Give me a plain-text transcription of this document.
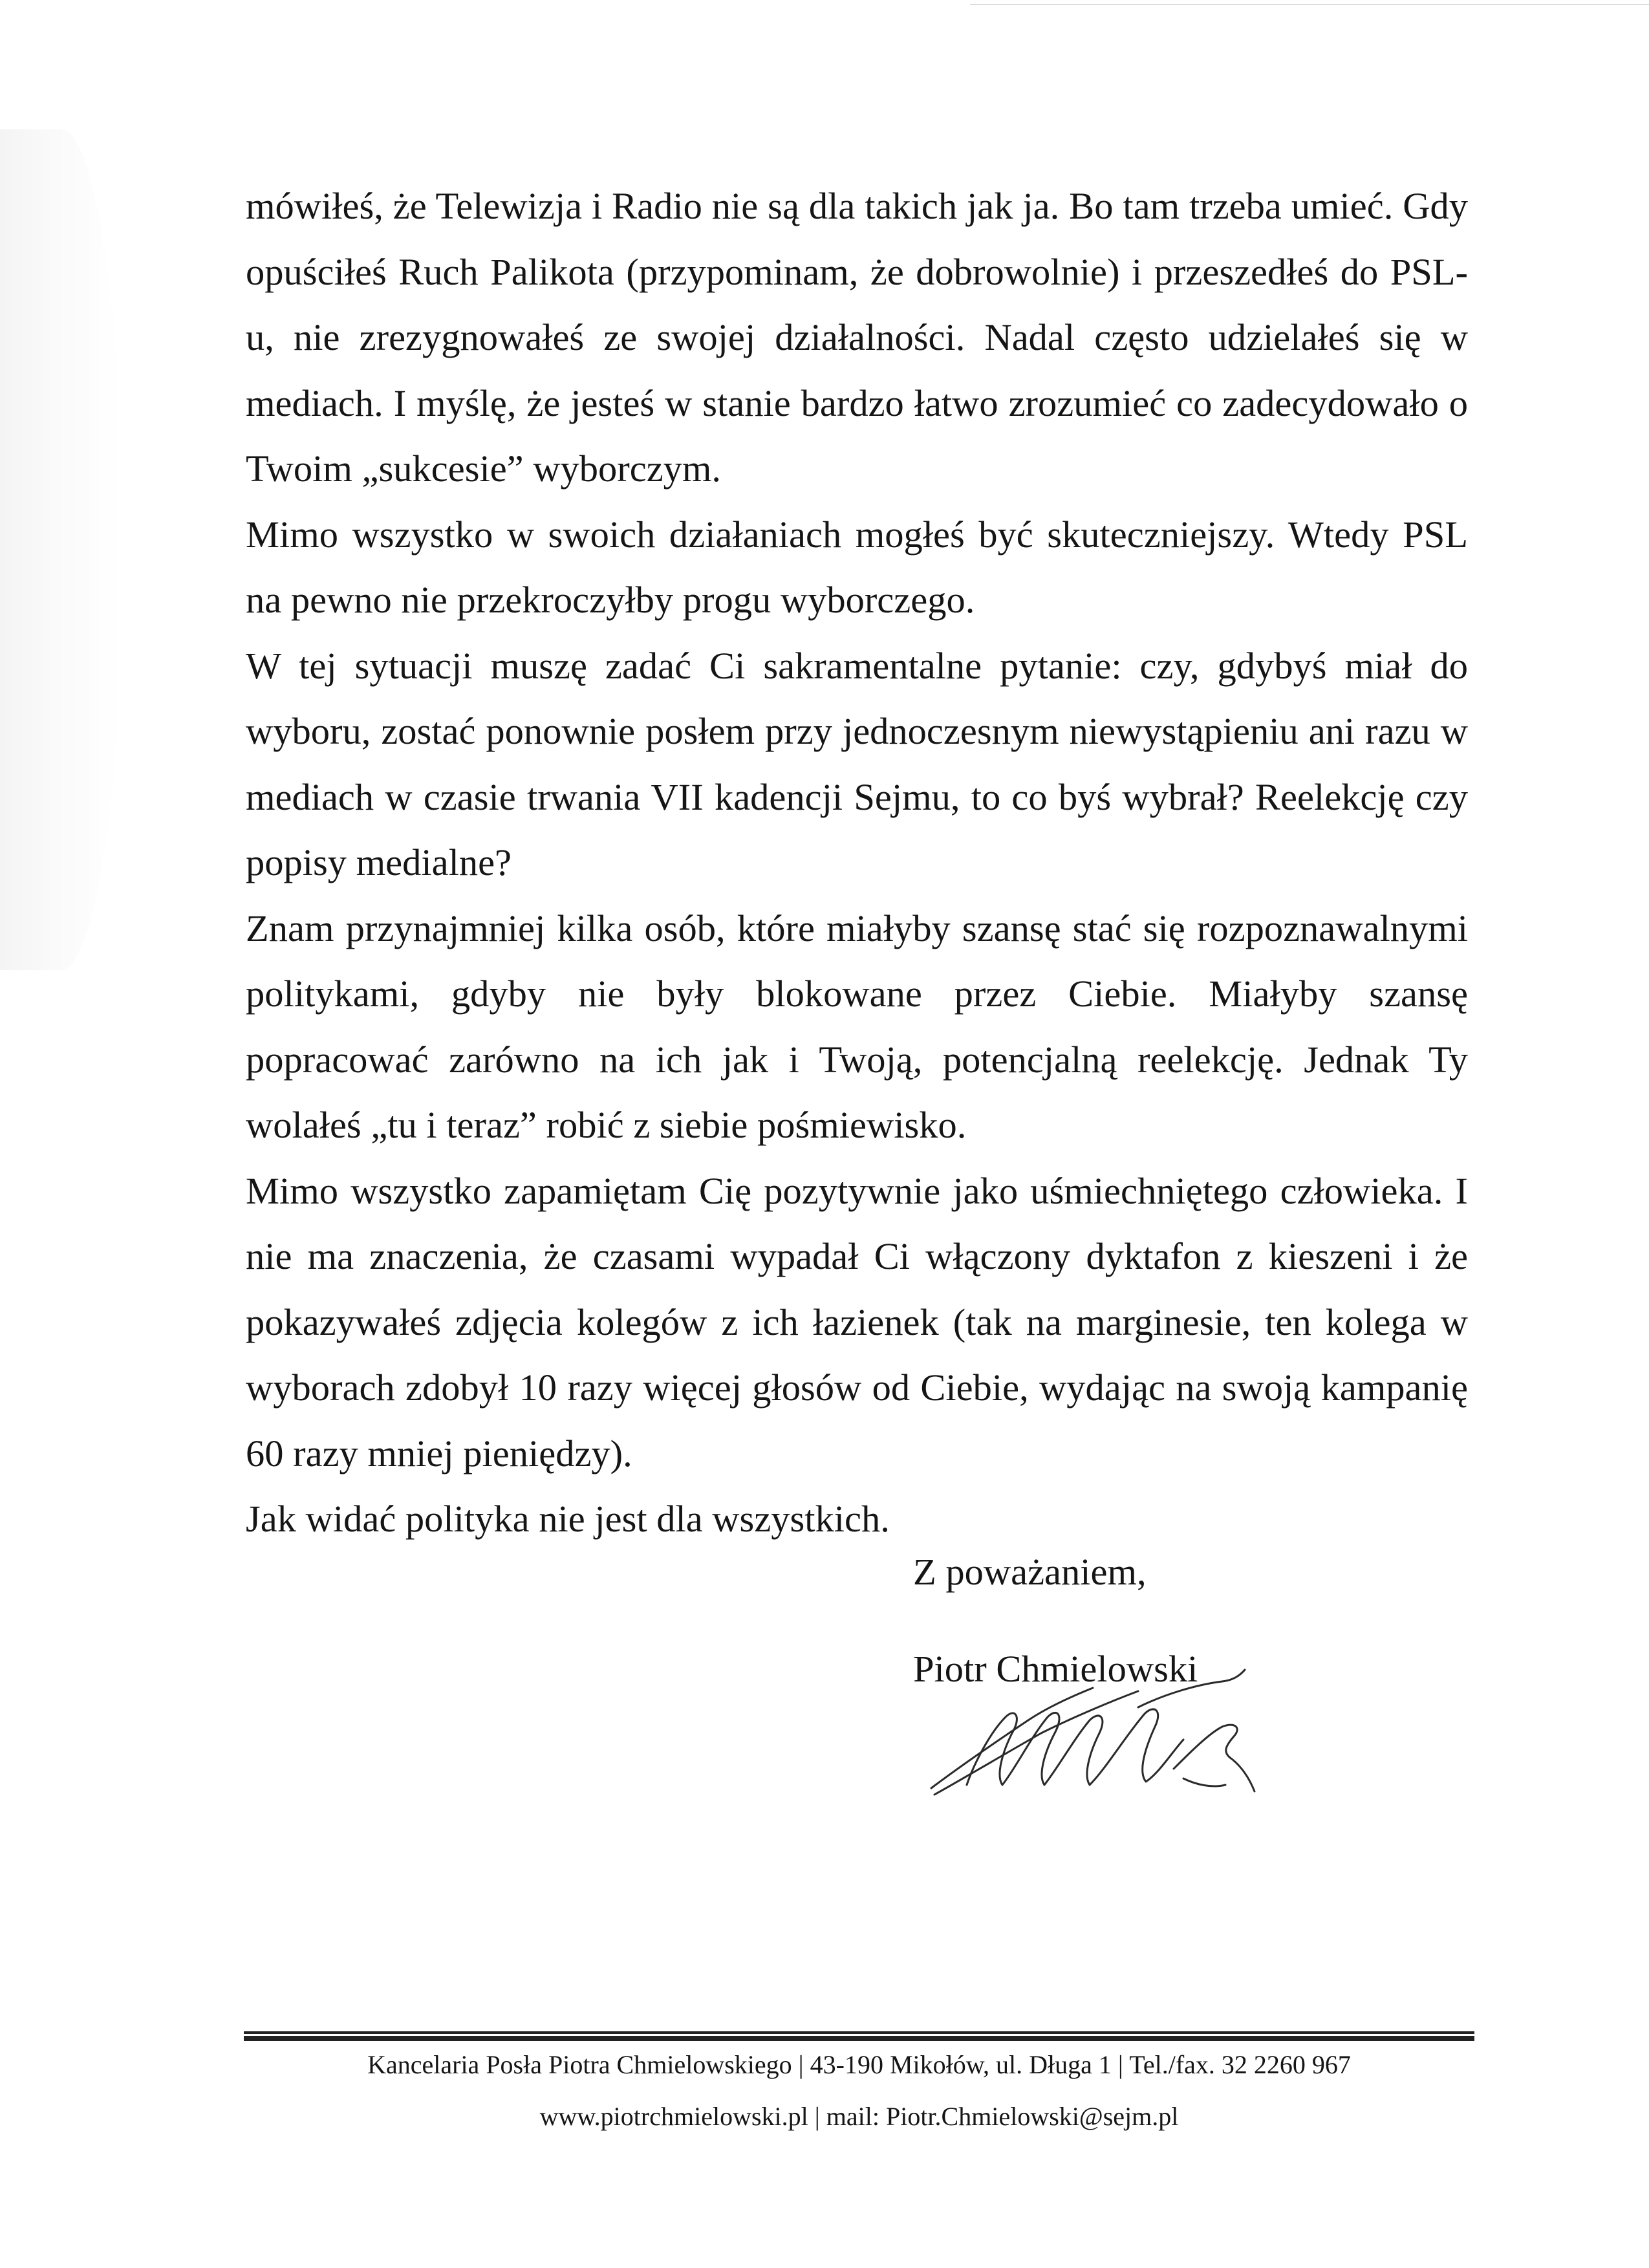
mówiłeś, że Telewizja i Radio nie są dla takich jak ja. Bo tam trzeba umieć. Gdy opuściłeś Ruch Palikota (przypominam, że dobrowolnie) i przeszedłeś do PSL-u, nie zrezygnowałeś ze swojej działalności. Nadal często udzielałeś się w mediach. I myślę, że jesteś w stanie bardzo łatwo zrozumieć co zadecydowało o Twoim „sukcesie” wyborczym.

Mimo wszystko w swoich działaniach mogłeś być skuteczniejszy. Wtedy PSL na pewno nie przekroczyłby progu wyborczego.

W tej sytuacji muszę zadać Ci sakramentalne pytanie: czy, gdybyś miał do wyboru, zostać ponownie posłem przy jednoczesnym niewystąpieniu ani razu w mediach w czasie trwania VII kadencji Sejmu, to co byś wybrał? Reelekcję czy popisy medialne?

Znam przynajmniej kilka osób, które miałyby szansę stać się rozpoznawalnymi politykami, gdyby nie były blokowane przez Ciebie. Miałyby szansę popracować zarówno na ich jak i Twoją, potencjalną reelekcję. Jednak Ty wolałeś „tu i teraz” robić z siebie pośmiewisko.

Mimo wszystko zapamiętam Cię pozytywnie jako uśmiechniętego człowieka. I nie ma znaczenia, że czasami wypadał Ci włączony dyktafon z kieszeni i że pokazywałeś zdjęcia kolegów z ich łazienek (tak na marginesie, ten kolega w wyborach zdobył 10 razy więcej głosów od Ciebie, wydając na swoją kampanię 60 razy mniej pieniędzy).

Jak widać polityka nie jest dla wszystkich.

Z poważaniem,
Piotr Chmielowski
Kancelaria Posła Piotra Chmielowskiego | 43-190 Mikołów, ul. Długa 1 | Tel./fax. 32 2260 967
www.piotrchmielowski.pl | mail: Piotr.Chmielowski@sejm.pl
